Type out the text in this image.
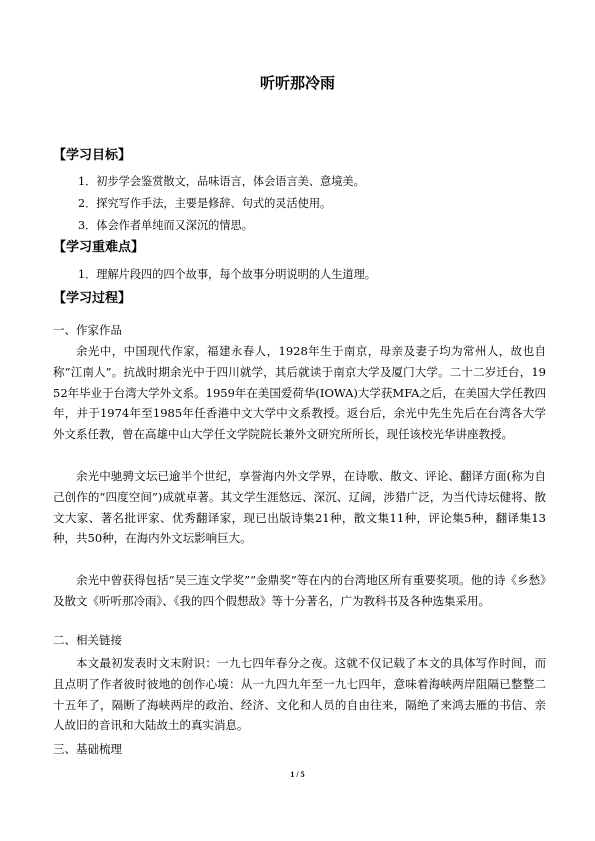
听听那冷雨
【学习目标】
1．初步学会鉴赏散文，品味语言，体会语言美、意境美。
2．探究写作手法，主要是修辞、句式的灵活使用。
3．体会作者单纯而又深沉的情思。
【学习重难点】
1．理解片段四的四个故事，每个故事分明说明的人生道理。
【学习过程】
一、作家作品

余光中，中国现代作家，福建永春人，1928年生于南京，母亲及妻子均为常州人，故也自称“江南人”。抗战时期余光中于四川就学，其后就读于南京大学及厦门大学。二十二岁迁台，1952年毕业于台湾大学外文系。1959年在美国爱荷华(IOWA)大学获MFA之后，在美国大学任教四年，并于1974年至1985年任香港中文大学中文系教授。返台后，余光中先生先后在台湾各大学外文系任教，曾在高雄中山大学任文学院院长兼外文研究所所长，现任该校光华讲座教授。

余光中驰骋文坛已逾半个世纪，享誉海内外文学界，在诗歌、散文、评论、翻译方面(称为自己创作的“四度空间”)成就卓著。其文学生涯悠远、深沉、辽阔，涉猎广泛，为当代诗坛健将、散文大家、著名批评家、优秀翻译家，现已出版诗集21种，散文集11种，评论集5种，翻译集13种，共50种，在海内外文坛影响巨大。

余光中曾获得包括“吴三连文学奖”“金鼎奖”等在内的台湾地区所有重要奖项。他的诗《乡愁》及散文《听听那冷雨》、《我的四个假想敌》等十分著名，广为教科书及各种选集采用。

二、相关链接

本文最初发表时文末附识：一九七四年春分之夜。这就不仅记载了本文的具体写作时间，而且点明了作者彼时彼地的创作心境：从一九四九年至一九七四年，意味着海峡两岸阻隔已整整二十五年了，隔断了海峡两岸的政治、经济、文化和人员的自由往来，隔绝了来鸿去雁的书信、亲人故旧的音讯和大陆故土的真实消息。

三、基础梳理
1 / 5
